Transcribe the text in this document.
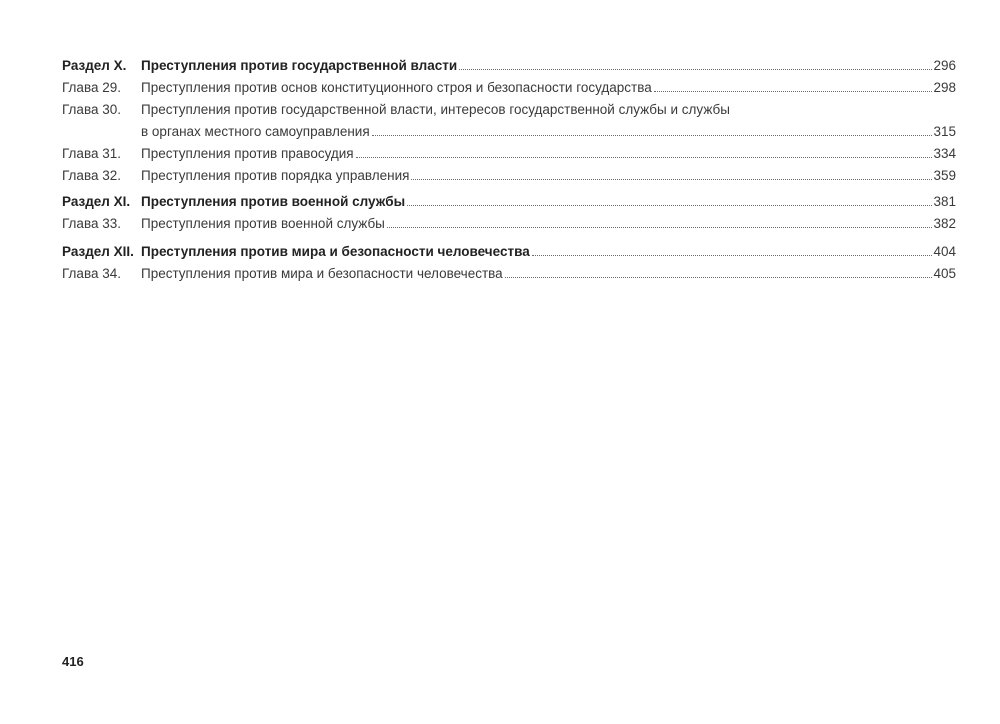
Раздел X.	Преступления против государственной власти	296
Глава 29.	Преступления против основ конституционного строя и безопасности государства	298
Глава 30.	Преступления против государственной власти, интересов государственной службы и службы
в органах местного самоуправления	315
Глава 31.	Преступления против правосудия	334
Глава 32.	Преступления против порядка управления	359
Раздел XI. Преступления против военной службы	381
Глава 33.	Преступления против военной службы	382
Раздел XII. Преступления против мира и безопасности человечества	404
Глава 34.	Преступления против мира и безопасности человечества	405
416
